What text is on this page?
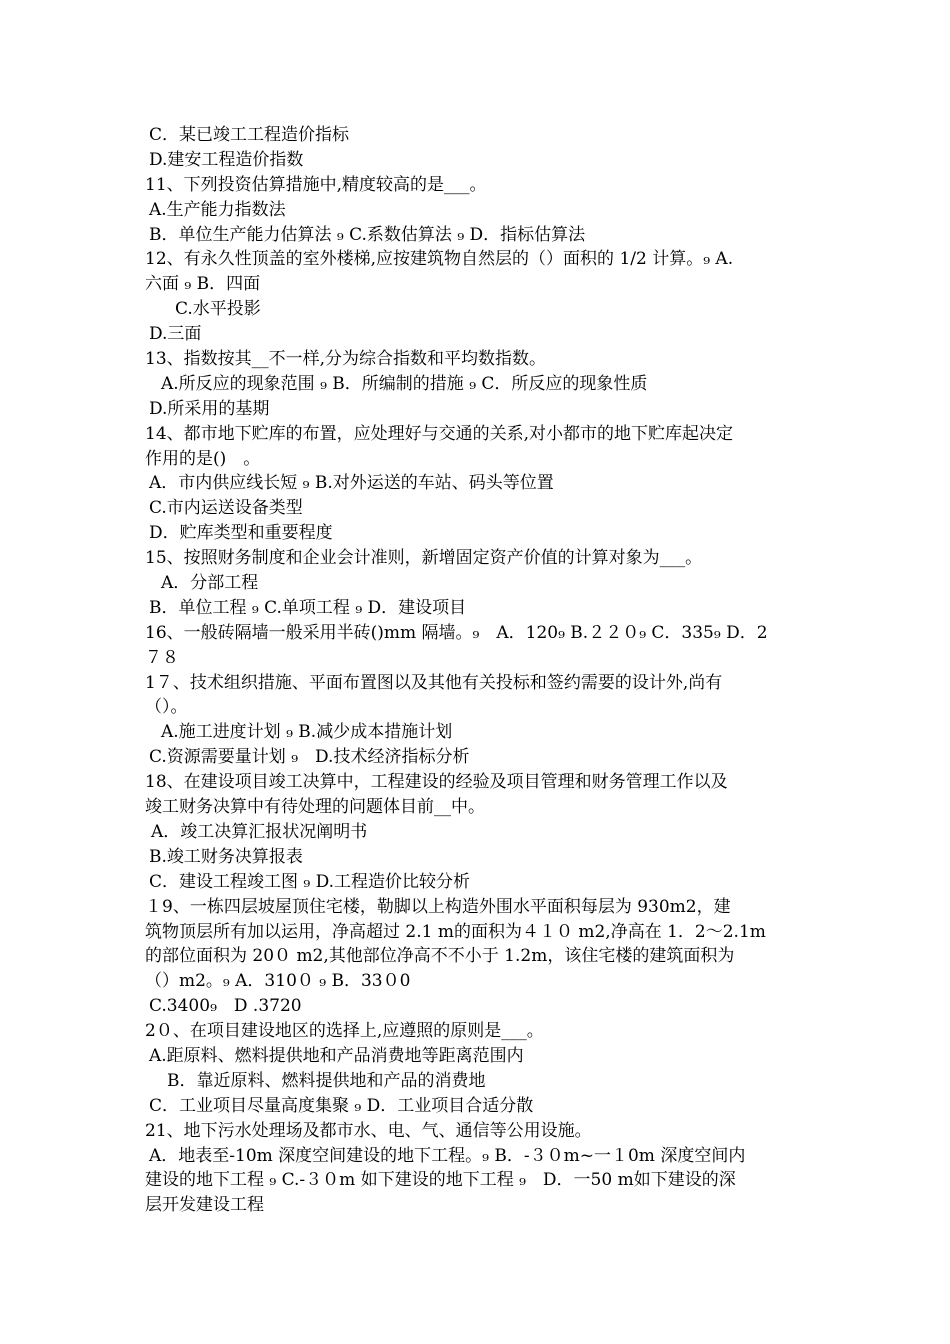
C．某已竣工工程造价指标
D.建安工程造价指数
11、下列投资估算措施中,精度较高的是___。
A.生产能力指数法
B．单位生产能力估算法 ₉ C.系数估算法 ₉ D．指标估算法
12、有永久性顶盖的室外楼梯,应按建筑物自然层的（）面积的 1/2 计算。₉ A.
六面 ₉ B．四面
C.水平投影
D.三面
13、指数按其__不一样,分为综合指数和平均数指数。
A.所反应的现象范围 ₉ B．所编制的措施 ₉ C．所反应的现象性质
D.所采用的基期
14、都市地下贮库的布置，应处理好与交通的关系,对小都市的地下贮库起决定
作用的是()　。
A．市内供应线长短 ₉ B.对外运送的车站、码头等位置
C.市内运送设备类型
D．贮库类型和重要程度
15、按照财务制度和企业会计准则，新增固定资产价值的计算对象为___。
A．分部工程
B．单位工程 ₉ C.单项工程 ₉ D．建设项目
16、一般砖隔墙一般采用半砖()mm 隔墙。₉　A．120₉ B.２２０₉ C．335₉ D．2
７８
1７、技术组织措施、平面布置图以及其他有关投标和签约需要的设计外,尚有
（）。
A.施工进度计划 ₉ B.减少成本措施计划
C.资源需要量计划 ₉　D.技术经济指标分析
18、在建设项目竣工决算中，工程建设的经验及项目管理和财务管理工作以及
竣工财务决算中有待处理的问题体目前__中。
A．竣工决算汇报状况阐明书
B.竣工财务决算报表
C．建设工程竣工图 ₉ D.工程造价比较分析
１9、一栋四层坡屋顶住宅楼，勒脚以上构造外围水平面积每层为 930m2，建
筑物顶层所有加以运用，净高超过 2.1 m的面积为４１０ m2,净高在 1．2～2.1m
的部位面积为 20０ m2,其他部位净高不不小于 1.2m，该住宅楼的建筑面积为
（）m2。₉ A．310０ ₉ B．33０0
C.3400₉　D .3720
2０、在项目建设地区的选择上,应遵照的原则是___。
A.距原料、燃料提供地和产品消费地等距离范围内
B．靠近原料、燃料提供地和产品的消费地
C．工业项目尽量高度集聚 ₉ D．工业项目合适分散
21、地下污水处理场及都市水、电、气、通信等公用设施。
A．地表至-10m 深度空间建设的地下工程。₉ B．-３０m~一１0m 深度空间内
建设的地下工程 ₉ C.-３０m 如下建设的地下工程 ₉　D．一50 m如下建设的深
层开发建设工程
